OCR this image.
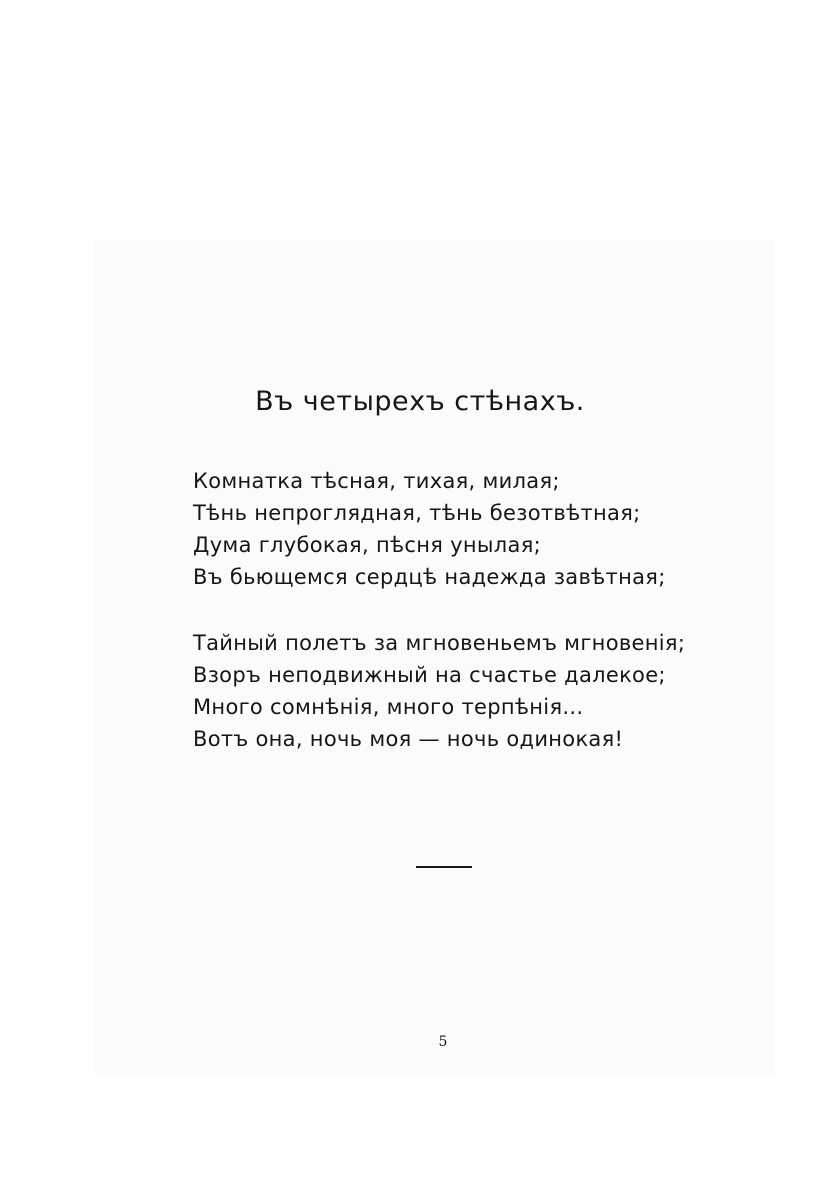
Въ четырехъ стѣнахъ.
Комнатка тѣсная, тихая, милая;
Тѣнь непроглядная, тѣнь безотвѣтная;
Дума глубокая, пѣсня унылая;
Въ бьющемся сердцѣ надежда завѣтная;
Тайный полетъ за мгновеньемъ мгновенія;
Взоръ неподвижный на счастье далекое;
Много сомнѣнія, много терпѣнія...
Вотъ она, ночь моя — ночь одинокая!
5
